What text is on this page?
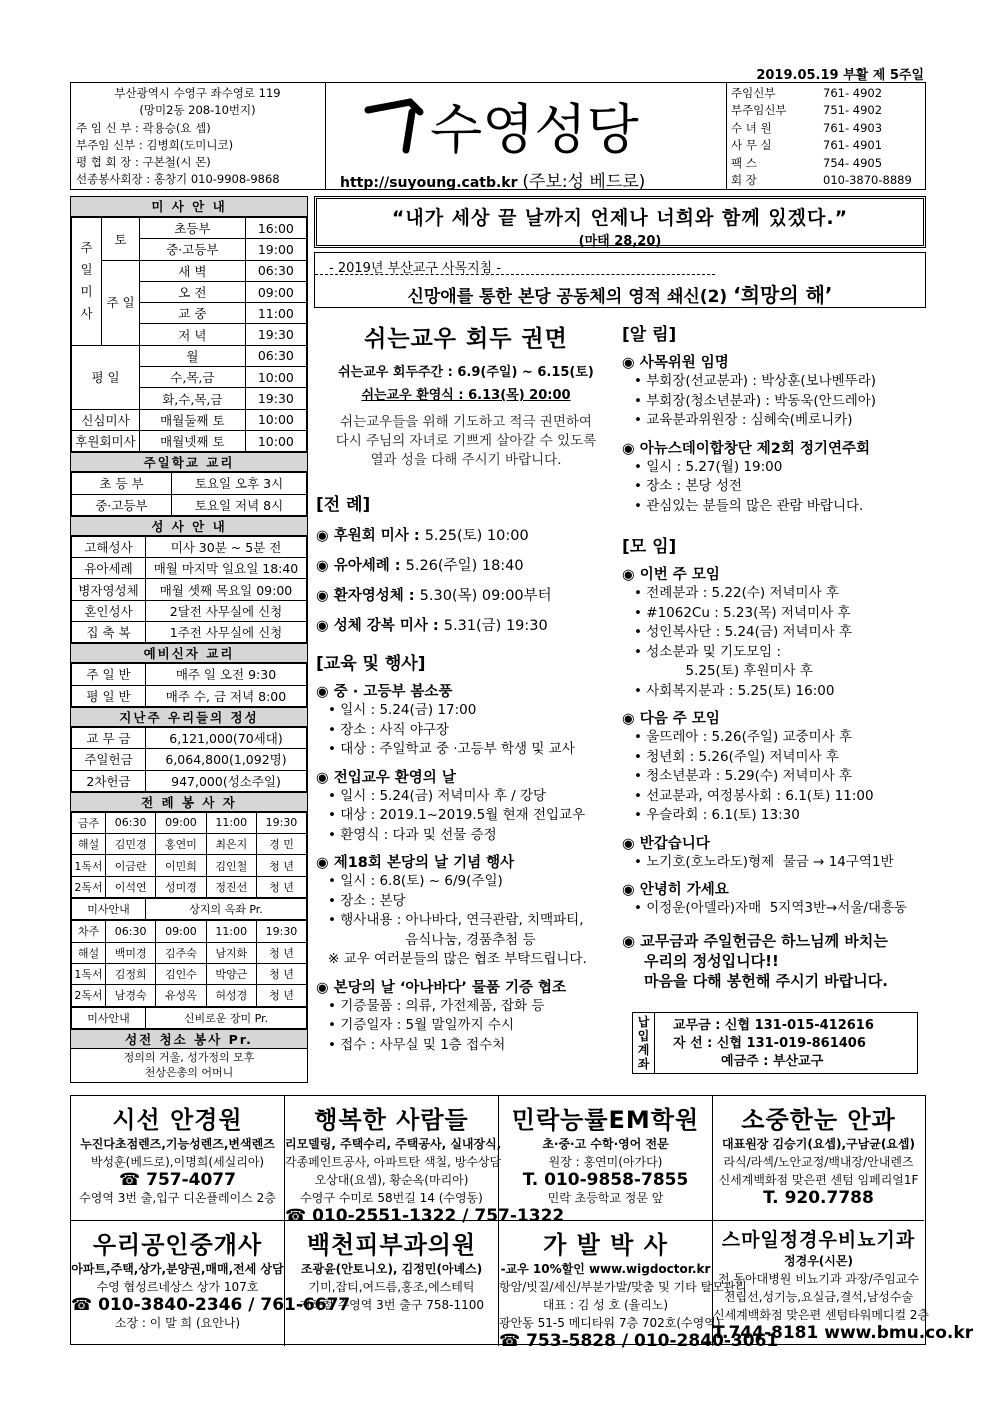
2019.05.19 부활 제 5주일
부산광역시 수영구 좌수영로 119
(망미2동 208-10번지)
주 임 신 부 : 곽용승(요 셉)
부주임 신부 : 김병희(도미니코)
평 협 회 장 : 구본철(시 몬)
선종봉사회장 : 홍창기 010-9908-9868
수영성당
http://suyoung.catb.kr (주보:성 베드로)
주임신부	761- 4902
부주임신부	751- 4902
수 녀 원	761- 4903
사 무 실	761- 4901
팩 스	754- 4905
회 장	010-3870-8889
미 사 안 내
주 일 미 사	토	초등부	16:00
		중·고등부	19:00
	주 일	새 벽	06:30
		오 전	09:00
		교 중	11:00
		저 녁	19:30
평 일		월	06:30
		수,목,금	10:00
		화,수,목,금	19:30
신심미사		매월둘째 토	10:00
후원회미사		매월넷째 토	10:00
주일학교 교리
초 등 부	토요일 오후 3시
중·고등부	토요일 저녁 8시
성 사 안 내
고해성사	미사 30분 ~ 5분 전
유아세례	매월 마지막 일요일 18:40
병자영성체	매월 셋째 목요일 09:00
혼인성사	2달전 사무실에 신청
집 축 복	1주전 사무실에 신청
예비신자 교리
주 일 반	매주 일 오전 9:30
평 일 반	매주 수, 금 저녁 8:00
지난주 우리들의 정성
교 무 금	6,121,000(70세대)
주일헌금	6,064,800(1,092명)
2차헌금	947,000(성소주일)
전 례 봉 사 자
금주	06:30	09:00	11:00	19:30
해설	김민경	홍연미	최은지	경 민
1독서	이금란	이민희	김인철	청 년
2독서	이석연	성미경	정진선	청 년
미사안내	상지의 옥좌 Pr.
차주	06:30	09:00	11:00	19:30
해설	백미경	김주숙	남지화	청 년
1독서	김정희	김인수	박양근	청 년
2독서	남경숙	유성옥	허성경	청 년
미사안내	신비로운 장미 Pr.
성전 청소 봉사 Pr.
정의의 거울, 성가정의 모후
천상은총의 어머니
“내가 세상 끝 날까지 언제나 너희와 함께 있겠다.”
(마태 28,20)
- 2019년 부산교구 사목지침 -
신망애를 통한 본당 공동체의 영적 쇄신(2) ‘희망의 해’
쉬는교우 회두 권면
쉬는교우 회두주간 : 6.9(주일) ~ 6.15(토)
쉬는교우 환영식 : 6.13(목) 20:00
쉬는교우들을 위해 기도하고 적극 권면하여
다시 주님의 자녀로 기쁘게 살아갈 수 있도록
열과 성을 다해 주시기 바랍니다.
[전 례]
◉ 후원회 미사 : 5.25(토) 10:00
◉ 유아세례 : 5.26(주일) 18:40
◉ 환자영성체 : 5.30(목) 09:00부터
◉ 성체 강복 미사 : 5.31(금) 19:30
[교육 및 행사]
◉ 중 · 고등부 봄소풍
• 일시 : 5.24(금) 17:00
• 장소 : 사직 야구장
• 대상 : 주일학교 중 ·고등부 학생 및 교사
◉ 전입교우 환영의 날
• 일시 : 5.24(금) 저녁미사 후 / 강당
• 대상 : 2019.1~2019.5월 현재 전입교우
• 환영식 : 다과 및 선물 증정
◉ 제18회 본당의 날 기념 행사
• 일시 : 6.8(토) ~ 6/9(주일)
• 장소 : 본당
• 행사내용 : 아나바다, 연극관람, 치맥파티,
음식나눔, 경품추첨 등
※ 교우 여러분들의 많은 협조 부탁드립니다.
◉ 본당의 날 ‘아나바다’ 물품 기증 협조
• 기증물품 : 의류, 가전제품, 잡화 등
• 기증일자 : 5월 말일까지 수시
• 접수 : 사무실 및 1층 접수처
[알 림]
◉ 사목위원 임명
• 부회장(선교분과) : 박상훈(보나벤뚜라)
• 부회장(청소년분과) : 박동욱(안드레아)
• 교육분과위원장 : 심혜숙(베로니카)
◉ 아뉴스데이합창단 제2회 정기연주회
• 일시 : 5.27(월) 19:00
• 장소 : 본당 성전
• 관심있는 분들의 많은 관람 바랍니다.
[모 임]
◉ 이번 주 모임
• 전례분과 : 5.22(수) 저녁미사 후
• #1062Cu : 5.23(목) 저녁미사 후
• 성인복사단 : 5.24(금) 저녁미사 후
• 성소분과 및 기도모임 :
5.25(토) 후원미사 후
• 사회복지분과 : 5.25(토) 16:00
◉ 다음 주 모임
• 울뜨레아 : 5.26(주일) 교중미사 후
• 청년회 : 5.26(주일) 저녁미사 후
• 청소년분과 : 5.29(수) 저녁미사 후
• 선교분과, 여정봉사회 : 6.1(토) 11:00
• 우슬라회 : 6.1(토) 13:30
◉ 반갑습니다
• 노기호(호노라도)형제  물금 → 14구역1반
◉ 안녕히 가세요
• 이정운(아델라)자매  5지역3반→서울/대흥동
◉ 교무금과 주일헌금은 하느님께 바치는
우리의 정성입니다!!
마음을 다해 봉헌해 주시기 바랍니다.
납입계좌
교무금 : 신협 131-015-412616
자 선 : 신협 131-019-861406
예금주 : 부산교구
시선 안경원
누진다초점렌즈,기능성렌즈,변색렌즈
박성훈(베드로),이명희(세실리아)
☎ 757-4077
수영역 3번 출,입구 디온플레이스 2층
행복한 사람들
리모델링, 주택수리, 주택공사, 실내장식,
각종페인트공사, 아파트탄 색칠, 방수상담
오상대(요셉), 황순옥(마리아)
수영구 수미로 58번길 14 (수영동)
☎ 010-2551-1322 / 757-1322
민락능률EM학원
초·중·고 수학·영어 전문
원장 : 홍연미(아가다)
T. 010-9858-7855
민락 초등학교 정문 앞
소중한눈 안과
대표원장 김승기(요셉),구남균(요셉)
라식/라섹/노안교정/백내장/안내렌즈
신세계백화점 맞은편 센텀 임페리얼1F
T. 920.7788
우리공인중개사
아파트,주택,상가,분양권,매매,전세 상담
수영 협성르네상스 상가 107호
☎ 010-3840-2346 / 761-6677
소장 : 이 말 희 (요안나)
백천피부과의원
조광윤(안토니오), 김정민(아녜스)
기미,잡티,여드름,홍조,에스테틱
지하철 수영역 3번 출구 758-1100
가 발 박 사
-교우 10%할인 www.wigdoctor.kr
항암/빗질/세신/부분가발/맞춤 및 기타 탈모관리
대표 : 김 성 호 (율리노)
광안동 51-5 메디타워 7층 702호(수영역)
☎ 753-5828 / 010-2840-3061
스마일정경우비뇨기과
정경우(시몬)
전 동아대병원 비뇨기과 과장/주임교수
전립선,성기능,요실금,결석,남성수술
신세계백화점 맞은편 센텀타워메디컬 2층
T.744-8181 www.bmu.co.kr
